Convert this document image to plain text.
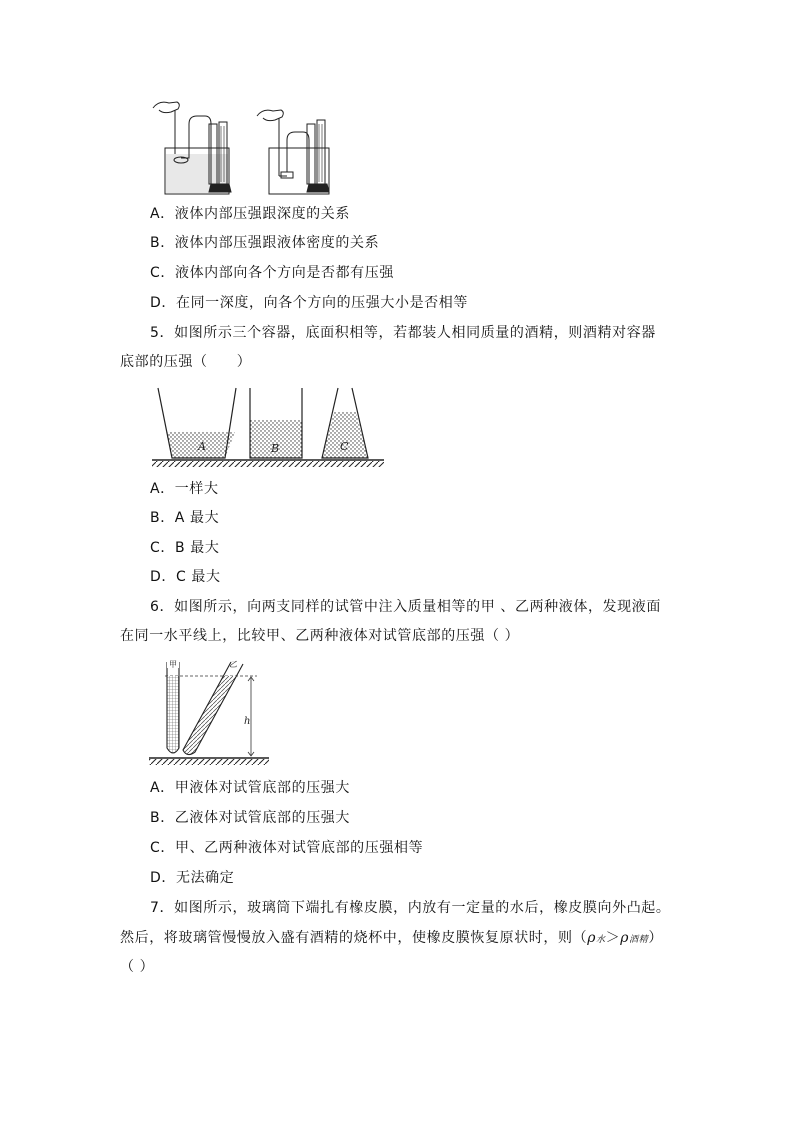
A．液体内部压强跟深度的关系
B．液体内部压强跟液体密度的关系
C．液体内部向各个方向是否都有压强
D．在同一深度，向各个方向的压强大小是否相等
5．如图所示三个容器，底面积相等，若都装人相同质量的酒精，则酒精对容器
底部的压强（　　）
A	B	C
A．一样大
B．A 最大
C．B 最大
D．C 最大
6．如图所示，向两支同样的试管中注入质量相等的甲 、乙两种液体，发现液面
在同一水平线上，比较甲、乙两种液体对试管底部的压强（ ）
甲	乙
h
A．甲液体对试管底部的压强大
B．乙液体对试管底部的压强大
C．甲、乙两种液体对试管底部的压强相等
D．无法确定
7．如图所示，玻璃筒下端扎有橡皮膜，内放有一定量的水后，橡皮膜向外凸起。
然后，将玻璃管慢慢放入盛有酒精的烧杯中，使橡皮膜恢复原状时，则（ρ水＞ρ酒精）
（ ）
